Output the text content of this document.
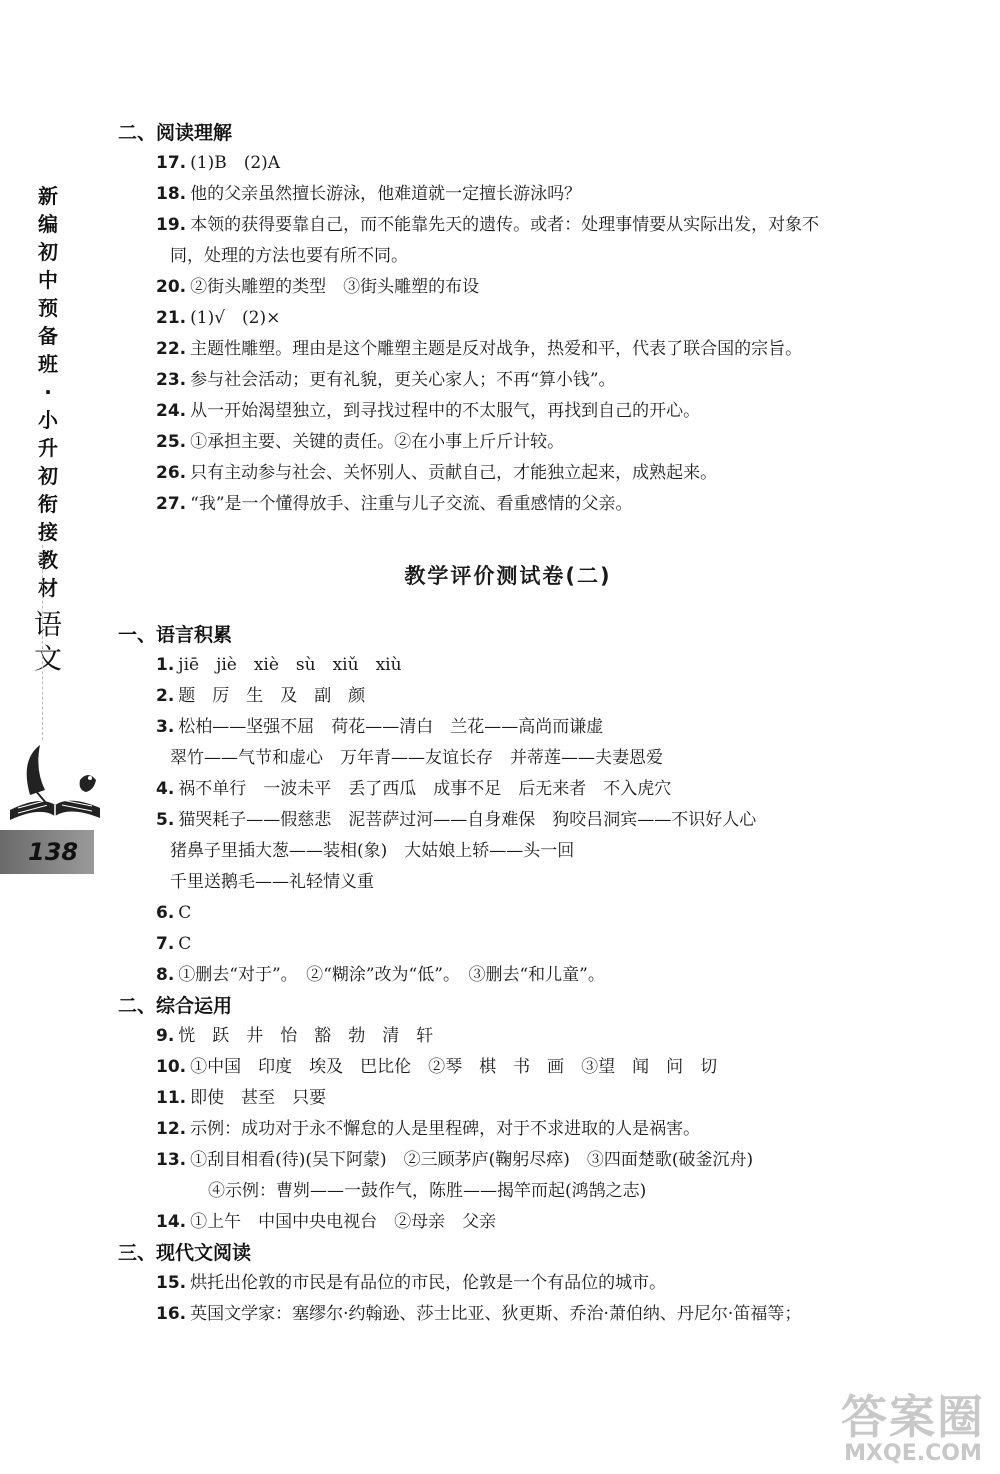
新
编
初
中
预
备
班
·
小
升
初
衔
接
教
材
语文
138
二、阅读理解
17. (1)B　(2)A
18. 他的父亲虽然擅长游泳，他难道就一定擅长游泳吗？
19. 本领的获得要靠自己，而不能靠先天的遗传。或者：处理事情要从实际出发，对象不
同，处理的方法也要有所不同。
20. ②街头雕塑的类型　③街头雕塑的布设
21. (1)√　(2)×
22. 主题性雕塑。理由是这个雕塑主题是反对战争，热爱和平，代表了联合国的宗旨。
23. 参与社会活动；更有礼貌，更关心家人；不再“算小钱”。
24. 从一开始渴望独立，到寻找过程中的不太服气，再找到自己的开心。
25. ①承担主要、关键的责任。②在小事上斤斤计较。
26. 只有主动参与社会、关怀别人、贡献自己，才能独立起来，成熟起来。
27. “我”是一个懂得放手、注重与儿子交流、看重感情的父亲。
教学评价测试卷(二)
一、语言积累
1. jiē　jiè　xiè　sù　xiǔ　xiù
2. 题　厉　生　及　副　颜
3. 松柏——坚强不屈　荷花——清白　兰花——高尚而谦虚
翠竹——气节和虚心　万年青——友谊长存　并蒂莲——夫妻恩爱
4. 祸不单行　一波未平　丢了西瓜　成事不足　后无来者　不入虎穴
5. 猫哭耗子——假慈悲　泥菩萨过河——自身难保　狗咬吕洞宾——不识好人心
猪鼻子里插大葱——装相(象)　大姑娘上轿——头一回
千里送鹅毛——礼轻情义重
6. C
7. C
8. ①删去“对于”。　②“糊涂”改为“低”。　③删去“和儿童”。
二、综合运用
9. 恍　跃　井　怡　豁　勃　清　轩
10. ①中国　印度　埃及　巴比伦　②琴　棋　书　画　③望　闻　问　切
11. 即使　甚至　只要
12. 示例：成功对于永不懈怠的人是里程碑，对于不求进取的人是祸害。
13. ①刮目相看(待)(吴下阿蒙)　②三顾茅庐(鞠躬尽瘁)　③四面楚歌(破釜沉舟)
④示例：曹刿——一鼓作气，陈胜——揭竿而起(鸿鹄之志)
14. ①上午　中国中央电视台　②母亲　父亲
三、现代文阅读
15. 烘托出伦敦的市民是有品位的市民，伦敦是一个有品位的城市。
16. 英国文学家：塞缪尔·约翰逊、莎士比亚、狄更斯、乔治·萧伯纳、丹尼尔·笛福等；
答案圈
MXQE.COM
